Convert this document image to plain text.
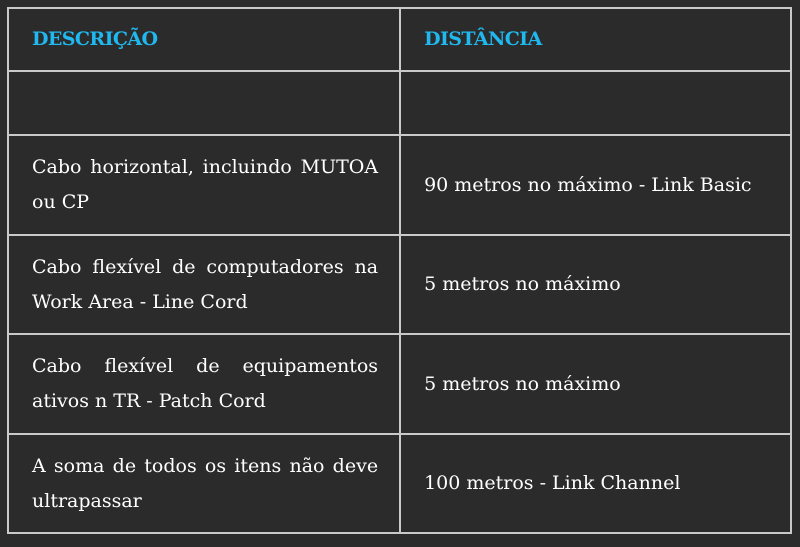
DESCRIÇÃO	DISTÂNCIA

Cabo horizontal, incluindo MUTOA ou CP	90 metros no máximo - Link Basic
Cabo flexível de computadores na Work Area - Line Cord	5 metros no máximo
Cabo flexível de equipamentos ativos n TR - Patch Cord	5 metros no máximo
A soma de todos os itens não deve ultrapassar	100 metros - Link Channel
